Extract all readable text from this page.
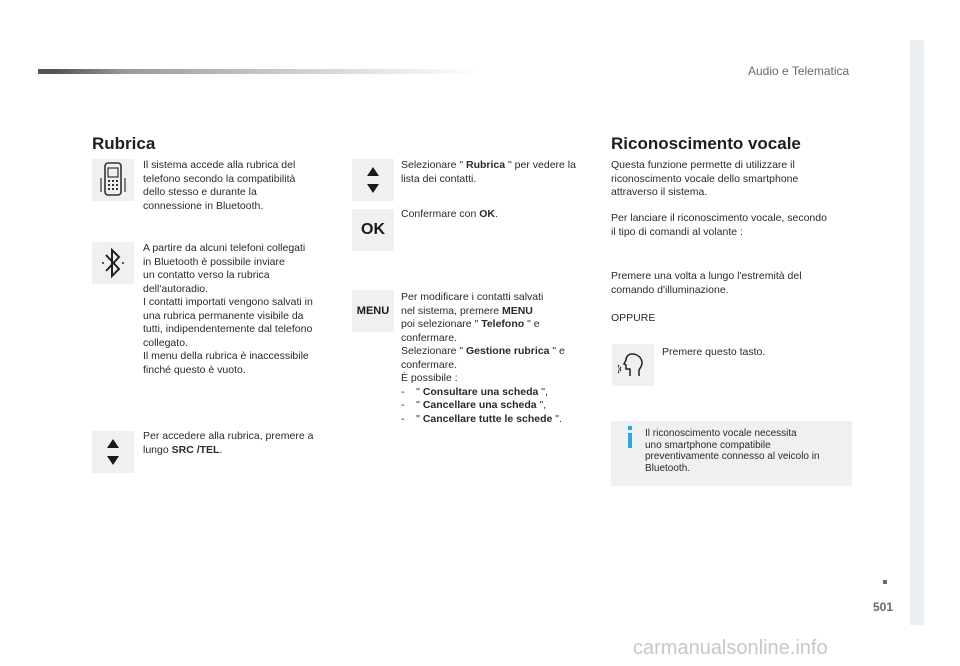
501
Audio e Telematica
Rubrica
Il sistema accede alla rubrica del
telefono secondo la compatibilità
dello stesso e durante la
connessione in Bluetooth.
A partire da alcuni telefoni collegati
in Bluetooth è possibile inviare
un contatto verso la rubrica
dell'autoradio.
I contatti importati vengono salvati in
una rubrica permanente visibile da
tutti, indipendentemente dal telefono
collegato.
Il menu della rubrica è inaccessibile
finché questo è vuoto.
Per accedere alla rubrica, premere a
lungo SRC /TEL.
Selezionare " Rubrica " per vedere la
lista dei contatti.
OK
Confermare con OK.
MENU
Per modificare i contatti salvati
nel sistema, premere MENU
poi selezionare " Telefono " e
confermare.
Selezionare " Gestione rubrica " e
confermare.
È possibile :
-    " Consultare una scheda ",
-    " Cancellare una scheda ",
-    " Cancellare tutte le schede ".
Riconoscimento vocale
Questa funzione permette di utilizzare il
riconoscimento vocale dello smartphone
attraverso il sistema.
Per lanciare il riconoscimento vocale, secondo
il tipo di comandi al volante :
Premere una volta a lungo l'estremità del
comando d'illuminazione.
OPPURE
Premere questo tasto.
Il riconoscimento vocale necessita
uno smartphone compatibile
preventivamente connesso al veicolo in
Bluetooth.
carmanualsonline.info
